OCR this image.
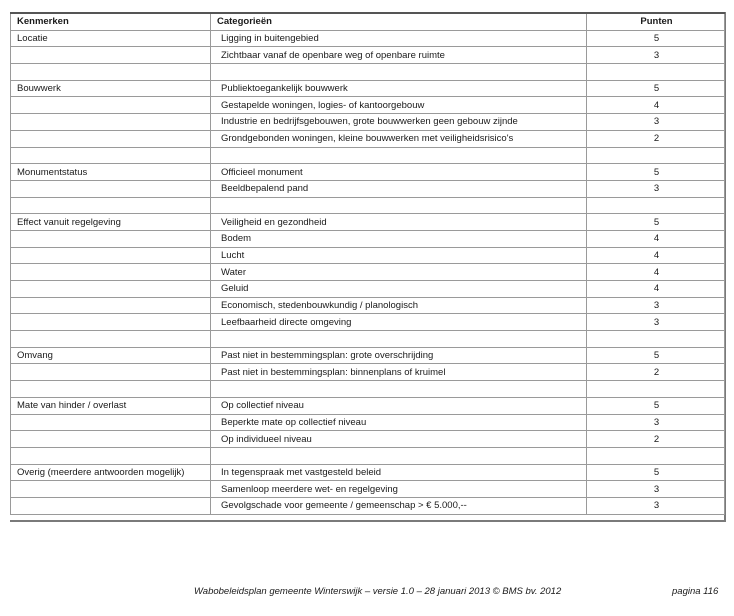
Kenmerken	Categorieën	Punten
Locatie	Ligging in buitengebied	5
	Zichtbaar vanaf de openbare weg of openbare ruimte	3

Bouwwerk	Publiektoegankelijk bouwwerk	5
	Gestapelde woningen, logies- of kantoorgebouw	4
	Industrie en bedrijfsgebouwen, grote bouwwerken geen gebouw zijnde	3
	Grondgebonden woningen, kleine bouwwerken met veiligheidsrisico's	2

Monumentstatus	Officieel monument	5
	Beeldbepalend pand	3

Effect vanuit regelgeving	Veiligheid en gezondheid	5
	Bodem	4
	Lucht	4
	Water	4
	Geluid	4
	Economisch, stedenbouwkundig / planologisch	3
	Leefbaarheid directe omgeving	3

Omvang	Past niet in bestemmingsplan: grote overschrijding	5
	Past niet in bestemmingsplan: binnenplans of kruimel	2

Mate van hinder / overlast	Op collectief niveau	5
	Beperkte mate op collectief niveau	3
	Op individueel niveau	2

Overig (meerdere antwoorden mogelijk)	In tegenspraak met vastgesteld beleid	5
	Samenloop meerdere wet- en regelgeving	3
	Gevolgschade voor gemeente / gemeenschap > € 5.000,--	3
Wabobeleidsplan gemeente Winterswijk – versie 1.0 – 28 januari 2013 © BMS bv. 2012	pagina 116
